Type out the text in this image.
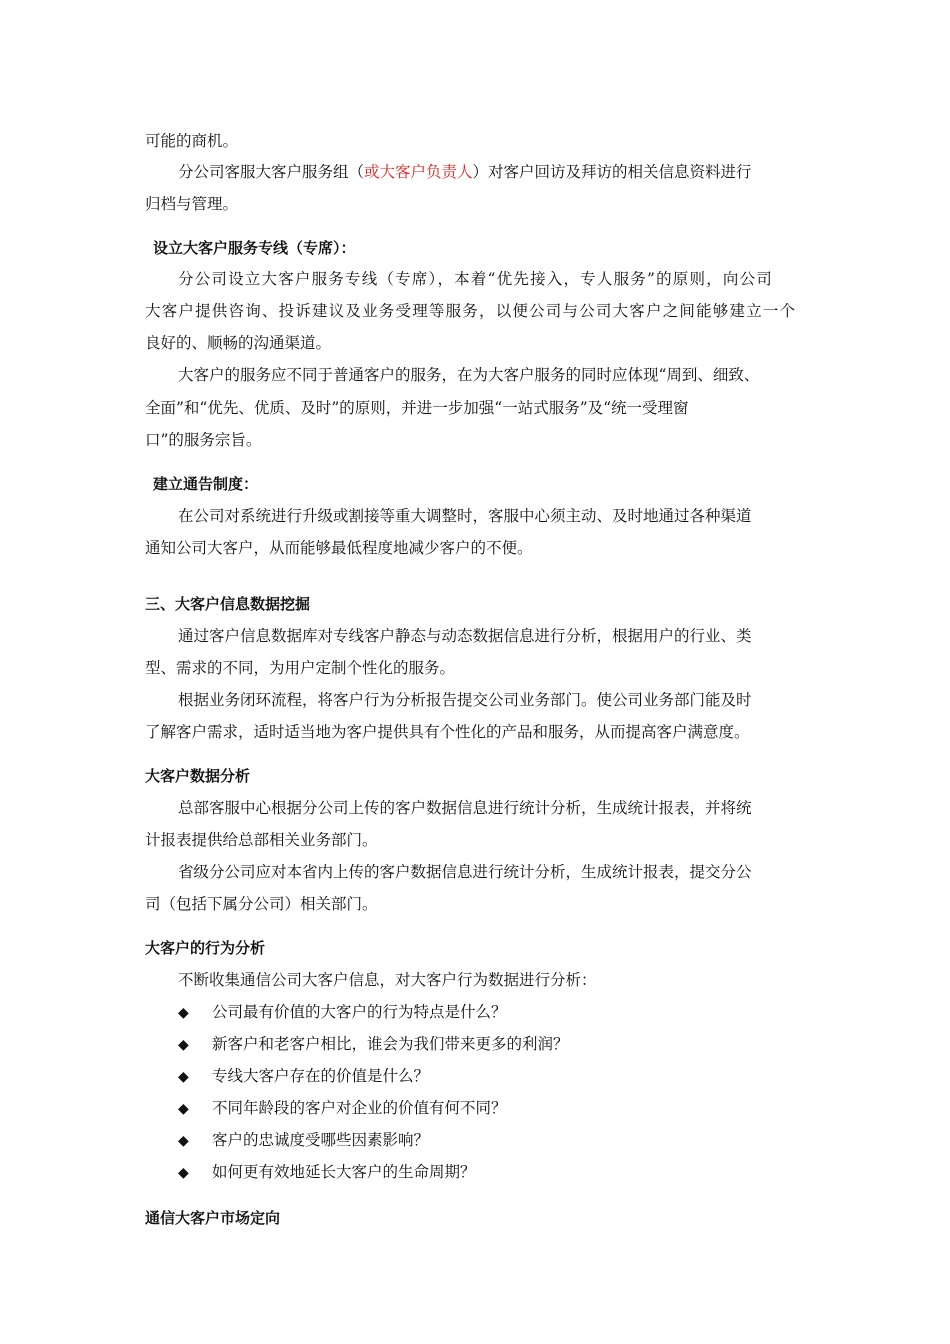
可能的商机。
分公司客服大客户服务组（或大客户负责人）对客户回访及拜访的相关信息资料进行
归档与管理。
设立大客户服务专线（专席）：
分公司设立大客户服务专线（专席），本着“优先接入，专人服务”的原则，向公司
大客户提供咨询、投诉建议及业务受理等服务，以便公司与公司大客户之间能够建立一个
良好的、顺畅的沟通渠道。
大客户的服务应不同于普通客户的服务，在为大客户服务的同时应体现“周到、细致、
全面”和“优先、优质、及时”的原则，并进一步加强“一站式服务”及“统一受理窗
口”的服务宗旨。
建立通告制度：
在公司对系统进行升级或割接等重大调整时，客服中心须主动、及时地通过各种渠道
通知公司大客户，从而能够最低程度地减少客户的不便。
三、大客户信息数据挖掘
通过客户信息数据库对专线客户静态与动态数据信息进行分析，根据用户的行业、类
型、需求的不同，为用户定制个性化的服务。
根据业务闭环流程，将客户行为分析报告提交公司业务部门。使公司业务部门能及时
了解客户需求，适时适当地为客户提供具有个性化的产品和服务，从而提高客户满意度。
大客户数据分析
总部客服中心根据分公司上传的客户数据信息进行统计分析，生成统计报表，并将统
计报表提供给总部相关业务部门。
省级分公司应对本省内上传的客户数据信息进行统计分析，生成统计报表，提交分公
司（包括下属分公司）相关部门。
大客户的行为分析
不断收集通信公司大客户信息，对大客户行为数据进行分析：
◆ 公司最有价值的大客户的行为特点是什么？
◆ 新客户和老客户相比，谁会为我们带来更多的利润？
◆ 专线大客户存在的价值是什么？
◆ 不同年龄段的客户对企业的价值有何不同？
◆ 客户的忠诚度受哪些因素影响？
◆ 如何更有效地延长大客户的生命周期？
通信大客户市场定向
